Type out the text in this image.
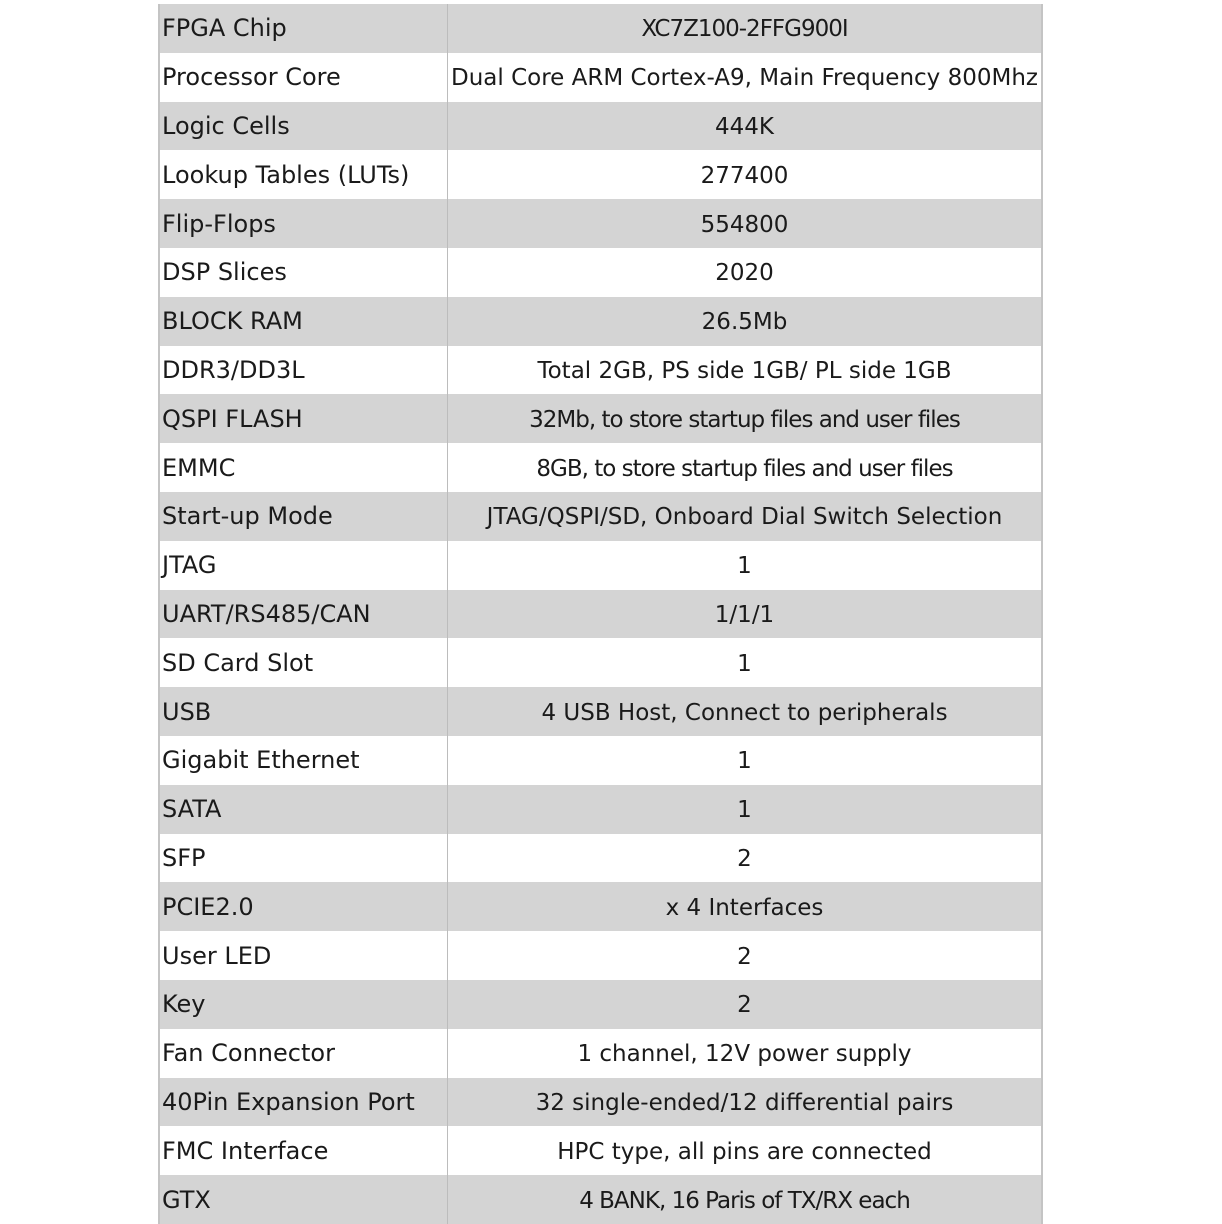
FPGA Chip	XC7Z100-2FFG900I
Processor Core	Dual Core ARM Cortex-A9, Main Frequency 800Mhz
Logic Cells	444K
Lookup Tables (LUTs)	277400
Flip-Flops	554800
DSP Slices	2020
BLOCK RAM	26.5Mb
DDR3/DD3L	Total 2GB, PS side 1GB/ PL side 1GB
QSPI FLASH	32Mb, to store startup files and user files
EMMC	8GB, to store startup files and user files
Start-up Mode	JTAG/QSPI/SD, Onboard Dial Switch Selection
JTAG	1
UART/RS485/CAN	1/1/1
SD Card Slot	1
USB	4 USB Host, Connect to peripherals
Gigabit Ethernet	1
SATA	1
SFP	2
PCIE2.0	x 4 Interfaces
User LED	2
Key	2
Fan Connector	1 channel, 12V power supply
40Pin Expansion Port	32 single-ended/12 differential pairs
FMC Interface	HPC type, all pins are connected
GTX	4 BANK, 16 Paris of TX/RX each
